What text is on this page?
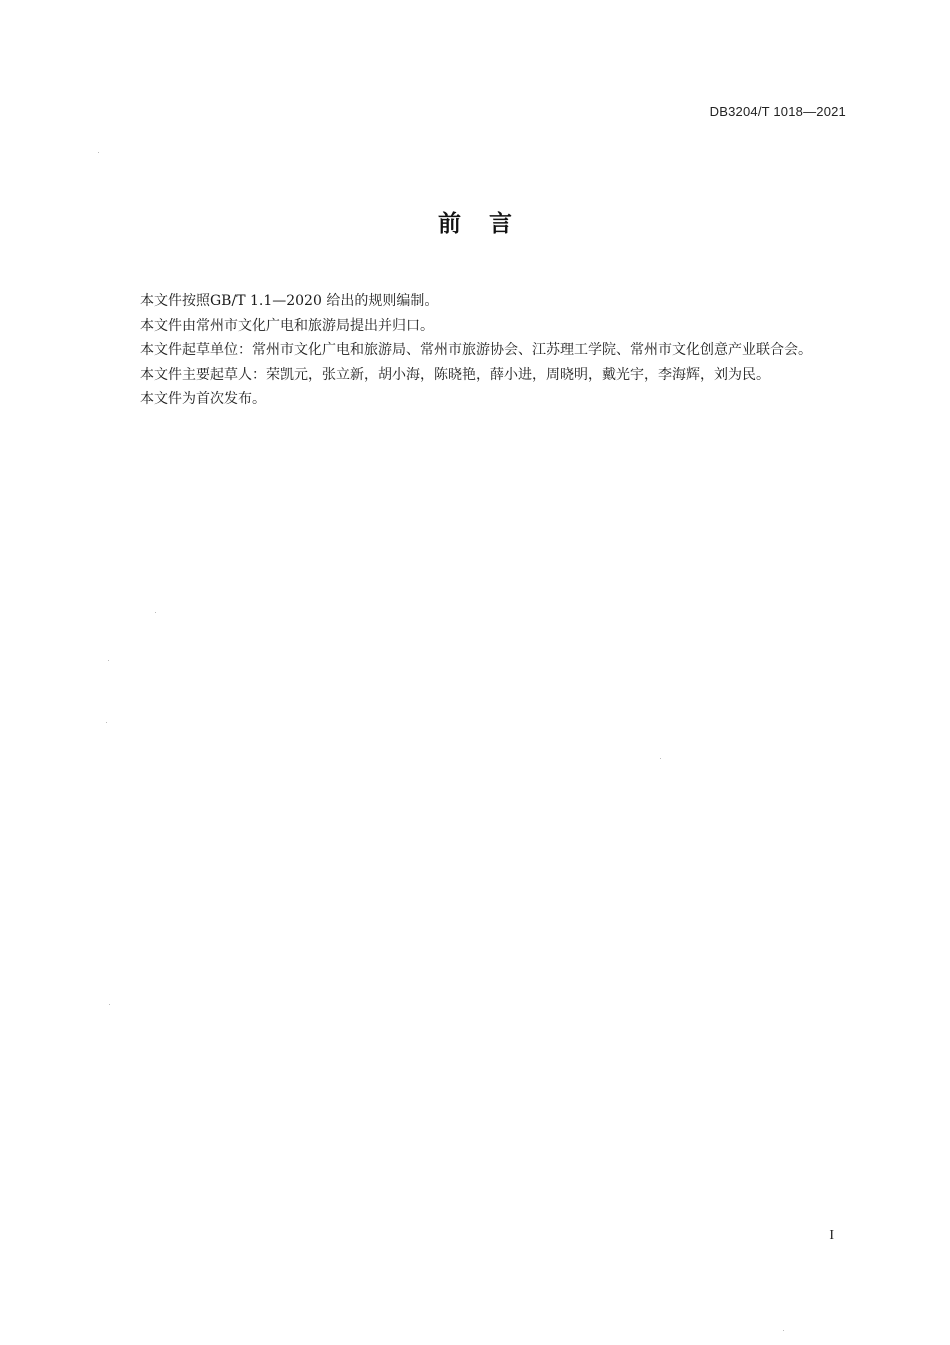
DB3204/T 1018—2021
前言

本文件按照GB/T 1.1—2020 给出的规则编制。

本文件由常州市文化广电和旅游局提出并归口。

本文件起草单位：常州市文化广电和旅游局、常州市旅游协会、江苏理工学院、常州市文化创意产业联合会。

本文件主要起草人：荣凯元，张立新，胡小海，陈晓艳，薛小进，周晓明，戴光宇，李海辉，刘为民。

本文件为首次发布。

I
